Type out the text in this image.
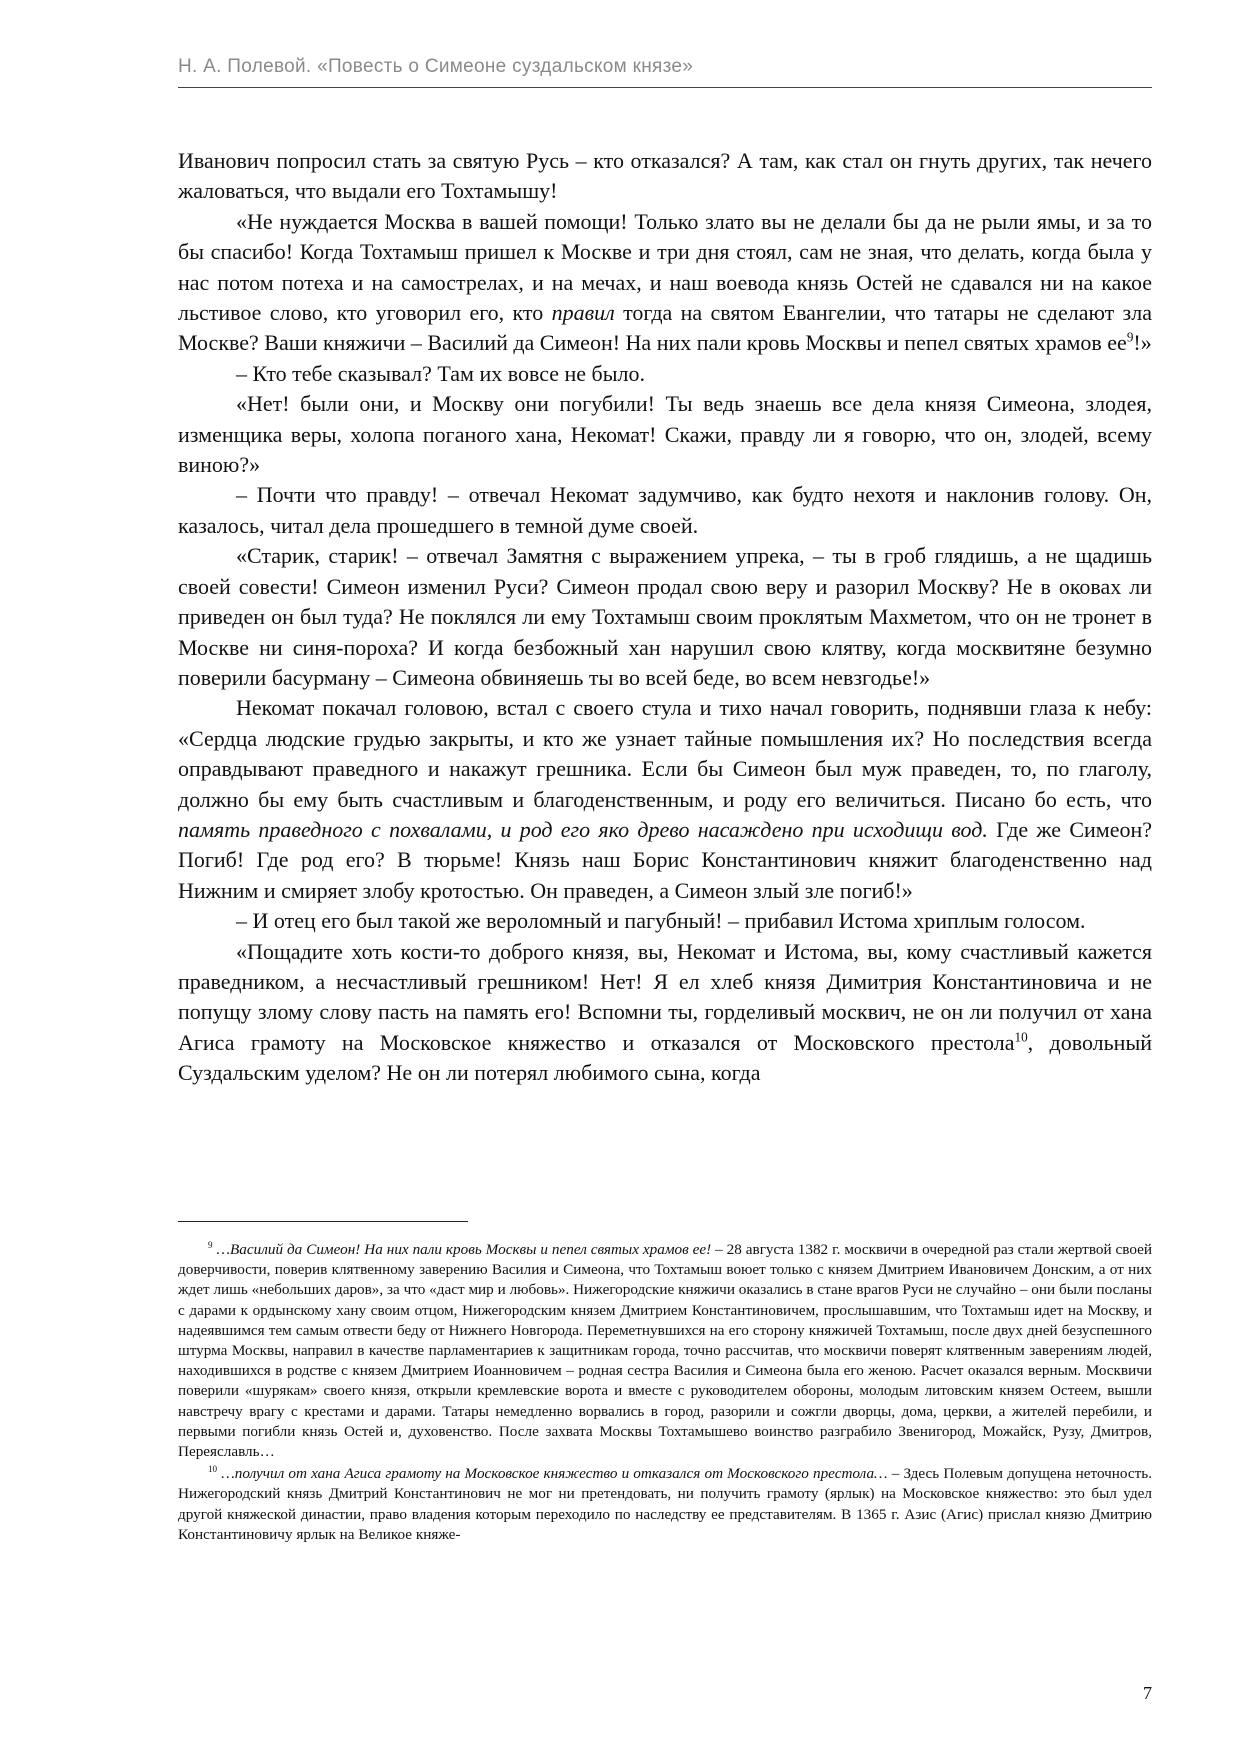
Н. А. Полевой. «Повесть о Симеоне суздальском князе»

Иванович попросил стать за святую Русь – кто отказался? А там, как стал он гнуть других, так нечего жаловаться, что выдали его Тохтамышу!

«Не нуждается Москва в вашей помощи! Только злато вы не делали бы да не рыли ямы, и за то бы спасибо! Когда Тохтамыш пришел к Москве и три дня стоял, сам не зная, что делать, когда была у нас потом потеха и на самострелах, и на мечах, и наш воевода князь Остей не сдавался ни на какое льстивое слово, кто уговорил его, кто правил тогда на святом Евангелии, что татары не сделают зла Москве? Ваши княжичи – Василий да Симеон! На них пали кровь Москвы и пепел святых храмов $ее^9$!»

– Кто тебе сказывал? Там их вовсе не было.

«Нет! были они, и Москву они погубили! Ты ведь знаешь все дела князя Симеона, злодея, изменщика веры, холопа поганого хана, Некомат! Скажи, правду ли я говорю, что он, злодей, всему виною?»

– Почти что правду! – отвечал Некомат задумчиво, как будто нехотя и наклонив голову. Он, казалось, читал дела прошедшего в темной думе своей.

«Старик, старик! – отвечал Замятня с выражением упрека, – ты в гроб глядишь, а не щадишь своей совести! Симеон изменил Руси? Симеон продал свою веру и разорил Москву? Не в оковах ли приведен он был туда? Не поклялся ли ему Тохтамыш своим проклятым Махметом, что он не тронет в Москве ни синя-пороха? И когда безбожный хан нарушил свою клятву, когда москвитяне безумно поверили басурману – Симеона обвиняешь ты во всей беде, во всем невзгодье!»

Некомат покачал головою, встал с своего стула и тихо начал говорить, поднявши глаза к небу: «Сердца людские грудью закрыты, и кто же узнает тайные помышления их? Но последствия всегда оправдывают праведного и накажут грешника. Если бы Симеон был муж праведен, то, по глаголу, должно бы ему быть счастливым и благоденственным, и роду его величиться. Писано бо есть, что память праведного с похвалами, и род его яко древо насаждено при исходищи вод. Где же Симеон? Погиб! Где род его? В тюрьме! Князь наш Борис Константинович княжит благоденственно над Нижним и смиряет злобу кротостью. Он праведен, а Симеон злый зле погиб!»

– И отец его был такой же вероломный и пагубный! – прибавил Истома хриплым голосом.

«Пощадите хоть кости-то доброго князя, вы, Некомат и Истома, вы, кому счастливый кажется праведником, а несчастливый грешником! Нет! Я ел хлеб князя Димитрия Константиновича и не попущу злому слову пасть на память его! Вспомни ты, горделивый москвич, не он ли получил от хана Агиса грамоту на Московское княжество и отказался от Московского престола$^{10}$, довольный Суздальским уделом? Не он ли потерял любимого сына, когда

$^9$ …Василий да Симеон! На них пали кровь Москвы и пепел святых храмов ее! – 28 августа 1382 г. москвичи в очередной раз стали жертвой своей доверчивости, поверив клятвенному заверению Василия и Симеона, что Тохтамыш воюет только с князем Дмитрием Ивановичем Донским, а от них ждет лишь «небольших даров», за что «даст мир и любовь». Нижегородские княжичи оказались в стане врагов Руси не случайно – они были посланы с дарами к ордынскому хану своим отцом, Нижегородским князем Дмитрием Константиновичем, прослышавшим, что Тохтамыш идет на Москву, и надеявшимся тем самым отвести беду от Нижнего Новгорода. Переметнувшихся на его сторону княжичей Тохтамыш, после двух дней безуспешного штурма Москвы, направил в качестве парламентариев к защитникам города, точно рассчитав, что москвичи поверят клятвенным заверениям людей, находившихся в родстве с князем Дмитрием Иоанновичем – родная сестра Василия и Симеона была его женою. Расчет оказался верным. Москвичи поверили «шурякам» своего князя, открыли кремлевские ворота и вместе с руководителем обороны, молодым литовским князем Остеем, вышли навстречу врагу с крестами и дарами. Татары немедленно ворвались в город, разорили и сожгли дворцы, дома, церкви, а жителей перебили, и первыми погибли князь Остей и, духовенство. После захвата Москвы Тохтамышево воинство разграбило Звенигород, Можайск, Рузу, Дмитров, Переяславль…

$^{10}$ …получил от хана Агиса грамоту на Московское княжество и отказался от Московского престола… – Здесь Полевым допущена неточность. Нижегородский князь Дмитрий Константинович не мог ни претендовать, ни получить грамоту (ярлык) на Московское княжество: это был удел другой княжеской династии, право владения которым переходило по наследству ее представителям. В 1365 г. Азис (Агис) прислал князю Дмитрию Константиновичу ярлык на Великое княже-

7
